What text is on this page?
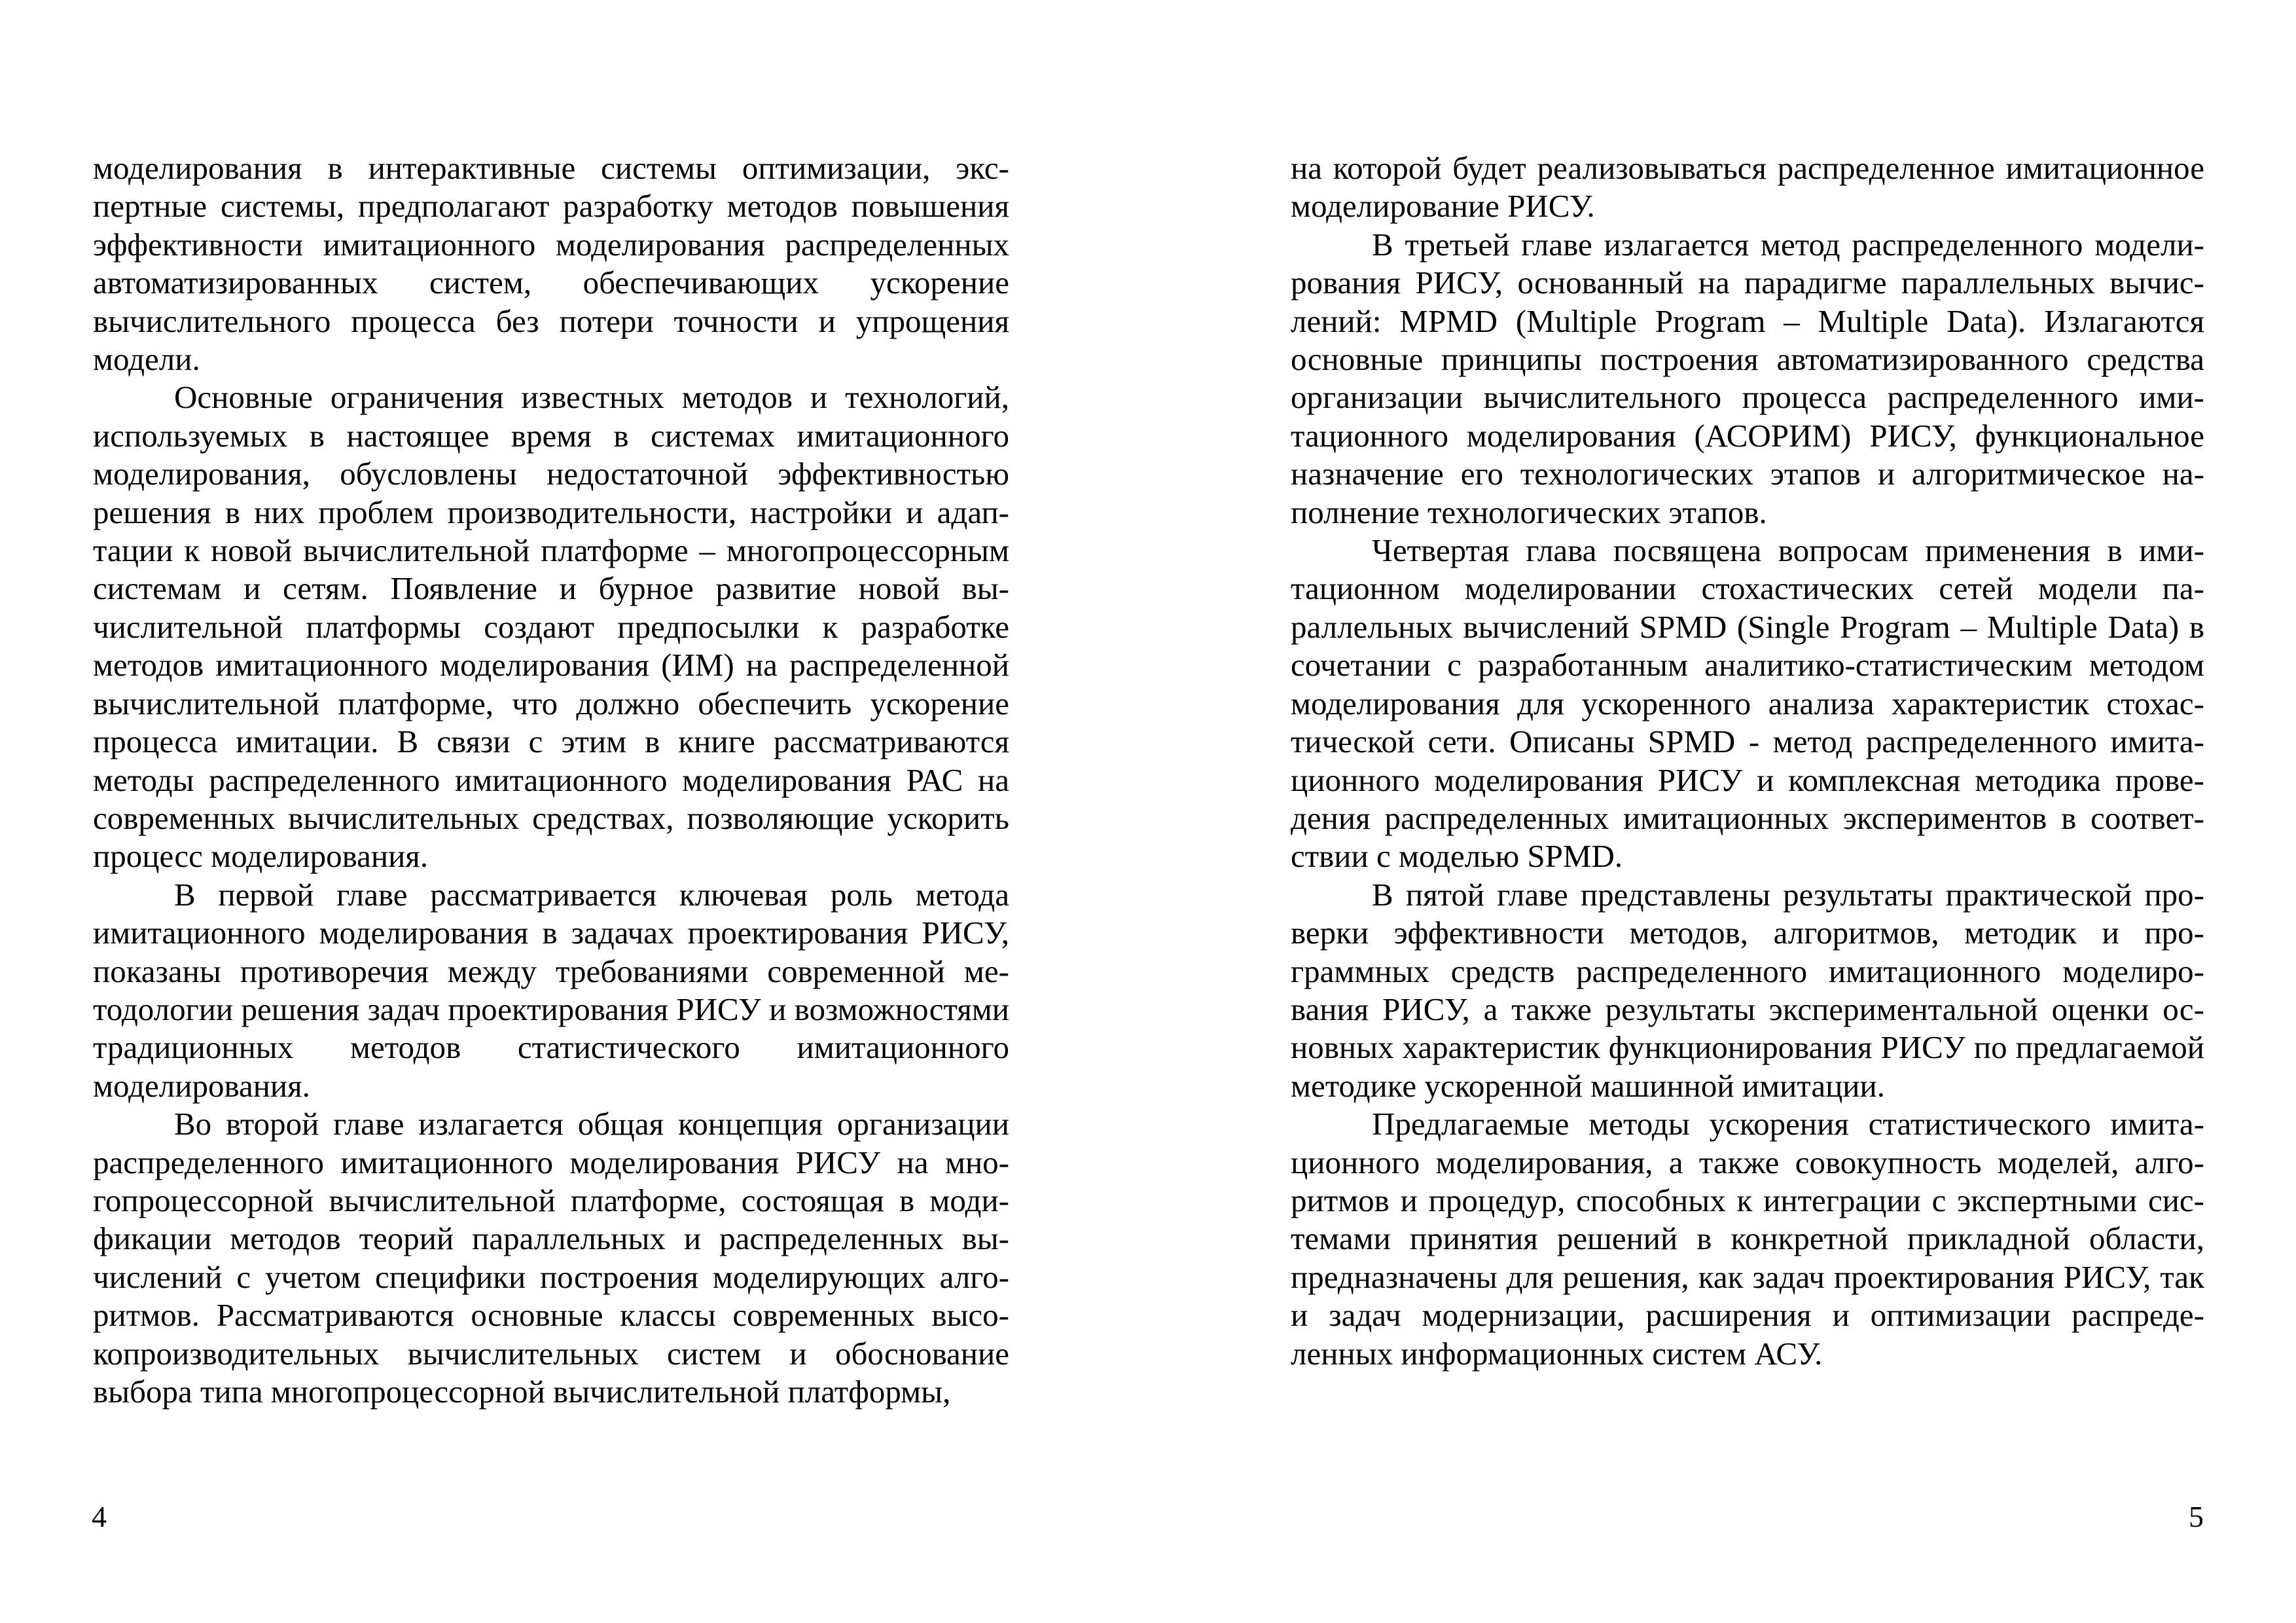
моделирования в интерактивные системы оптимизации, экспертные системы, предполагают разработку методов повышения эффективности имитационного моделирования распределенных автоматизированных систем, обеспечивающих ускорение вычислительного процесса без потери точности и упрощения модели.

Основные ограничения известных методов и технологий, используемых в настоящее время в системах имитационного моделирования, обусловлены недостаточной эффективностью решения в них проблем производительности, настройки и адаптации к новой вычислительной платформе – многопроцессорным системам и сетям. Появление и бурное развитие новой вычислительной платформы создают предпосылки к разработке методов имитационного моделирования (ИМ) на распределенной вычислительной платформе, что должно обеспечить ускорение процесса имитации. В связи с этим в книге рассматриваются методы распределенного имитационного моделирования РАС на современных вычислительных средствах, позволяющие ускорить процесс моделирования.

В первой главе рассматривается ключевая роль метода имитационного моделирования в задачах проектирования РИСУ, показаны противоречия между требованиями современной методологии решения задач проектирования РИСУ и возможностями традиционных методов статистического имитационного моделирования.

Во второй главе излагается общая концепция организации распределенного имитационного моделирования РИСУ на многопроцессорной вычислительной платформе, состоящая в модификации методов теорий параллельных и распределенных вычислений с учетом специфики построения моделирующих алгоритмов. Рассматриваются основные классы современных высокопроизводительных вычислительных систем и обоснование выбора типа многопроцессорной вычислительной платформы,

4

на которой будет реализовываться распределенное имитационное моделирование РИСУ.

В третьей главе излагается метод распределенного моделирования РИСУ, основанный на парадигме параллельных вычислений: MPMD (Multiple Program – Multiple Data). Излагаются основные принципы построения автоматизированного средства организации вычислительного процесса распределенного имитационного моделирования (АСОРИМ) РИСУ, функциональное назначение его технологических этапов и алгоритмическое наполнение технологических этапов.

Четвертая глава посвящена вопросам применения в имитационном моделировании стохастических сетей модели параллельных вычислений SPMD (Single Program – Multiple Data) в сочетании с разработанным аналитико-статистическим методом моделирования для ускоренного анализа характеристик стохастической сети. Описаны SPMD - метод распределенного имитационного моделирования РИСУ и комплексная методика проведения распределенных имитационных экспериментов в соответствии с моделью SPMD.

В пятой главе представлены результаты практической проверки эффективности методов, алгоритмов, методик и программных средств распределенного имитационного моделирования РИСУ, а также результаты экспериментальной оценки основных характеристик функционирования РИСУ по предлагаемой методике ускоренной машинной имитации.

Предлагаемые методы ускорения статистического имитационного моделирования, а также совокупность моделей, алгоритмов и процедур, способных к интеграции с экспертными системами принятия решений в конкретной прикладной области, предназначены для решения, как задач проектирования РИСУ, так и задач модернизации, расширения и оптимизации распределенных информационных систем АСУ.

5
